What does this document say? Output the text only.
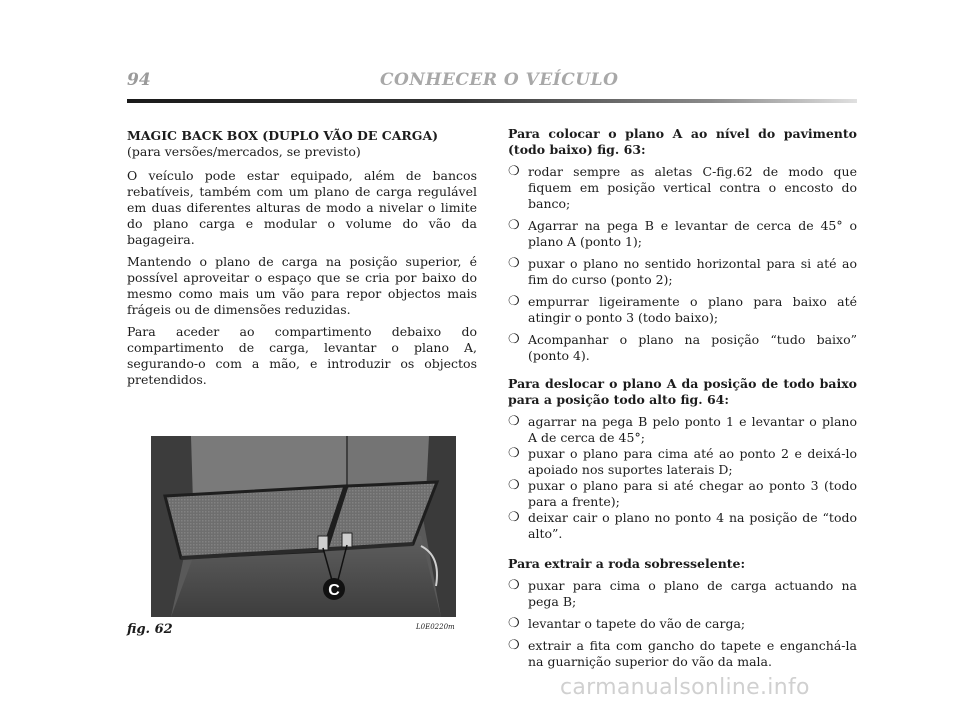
94	CONHECER O VEÍCULO

MAGIC BACK BOX (DUPLO VÃO DE CARGA)

(para versões/mercados, se previsto)

O veículo pode estar equipado, além de bancos rebatíveis, também com um plano de carga regulável em duas diferentes alturas de modo a nivelar o limite do plano carga e modular o volume do vão da bagageira.

Mantendo o plano de carga na posição superior, é possível aproveitar o espaço que se cria por baixo do mesmo como mais um vão para repor objectos mais frágeis ou de dimensões reduzidas.

Para aceder ao compartimento debaixo do compartimento de carga, levantar o plano A, segurando-o com a mão, e introduzir os objectos pretendidos.

C
fig. 62	L0E0220m

Para colocar o plano A ao nível do pavimento (todo baixo) fig. 63:

❍ rodar sempre as aletas C-fig.62 de modo que fiquem em posição vertical contra o encosto do banco;
❍ Agarrar na pega B e levantar de cerca de 45° o plano A (ponto 1);
❍ puxar o plano no sentido horizontal para si até ao fim do curso (ponto 2);
❍ empurrar ligeiramente o plano para baixo até atingir o ponto 3 (todo baixo);
❍ Acompanhar o plano na posição “tudo baixo” (ponto 4).

Para deslocar o plano A da posição de todo baixo para a posição todo alto fig. 64:

❍ agarrar na pega B pelo ponto 1 e levantar o plano A de cerca de 45°;
❍ puxar o plano para cima até ao ponto 2 e deixá-lo apoiado nos suportes laterais D;
❍ puxar o plano para si até chegar ao ponto 3 (todo para a frente);
❍ deixar cair o plano no ponto 4 na posição de “todo alto”.

Para extrair a roda sobresselente:

❍ puxar para cima o plano de carga actuando na pega B;
❍ levantar o tapete do vão de carga;
❍ extrair a fita com gancho do tapete e enganchá-la na guarnição superior do vão da mala.
carmanualsonline.info
